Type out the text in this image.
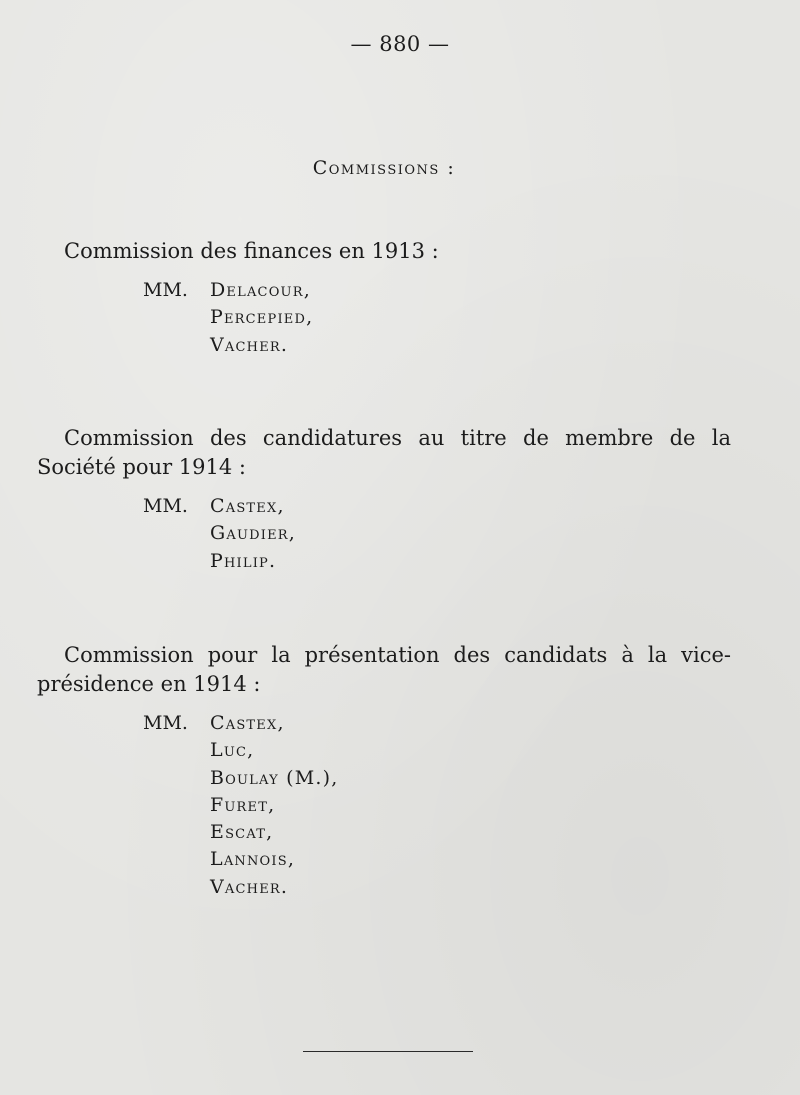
— 880 —
Commissions :

Commission des finances en 1913 :

MM. Delacour,
Percepied,
Vacher.

Commission des candidatures au titre de membre de la Société pour 1914 :

MM. Castex,
Gaudier,
Philip.

Commission pour la présentation des candidats à la vice-présidence en 1914 :

MM. Castex,
Luc,
Boulay (M.),
Furet,
Escat,
Lannois,
Vacher.
